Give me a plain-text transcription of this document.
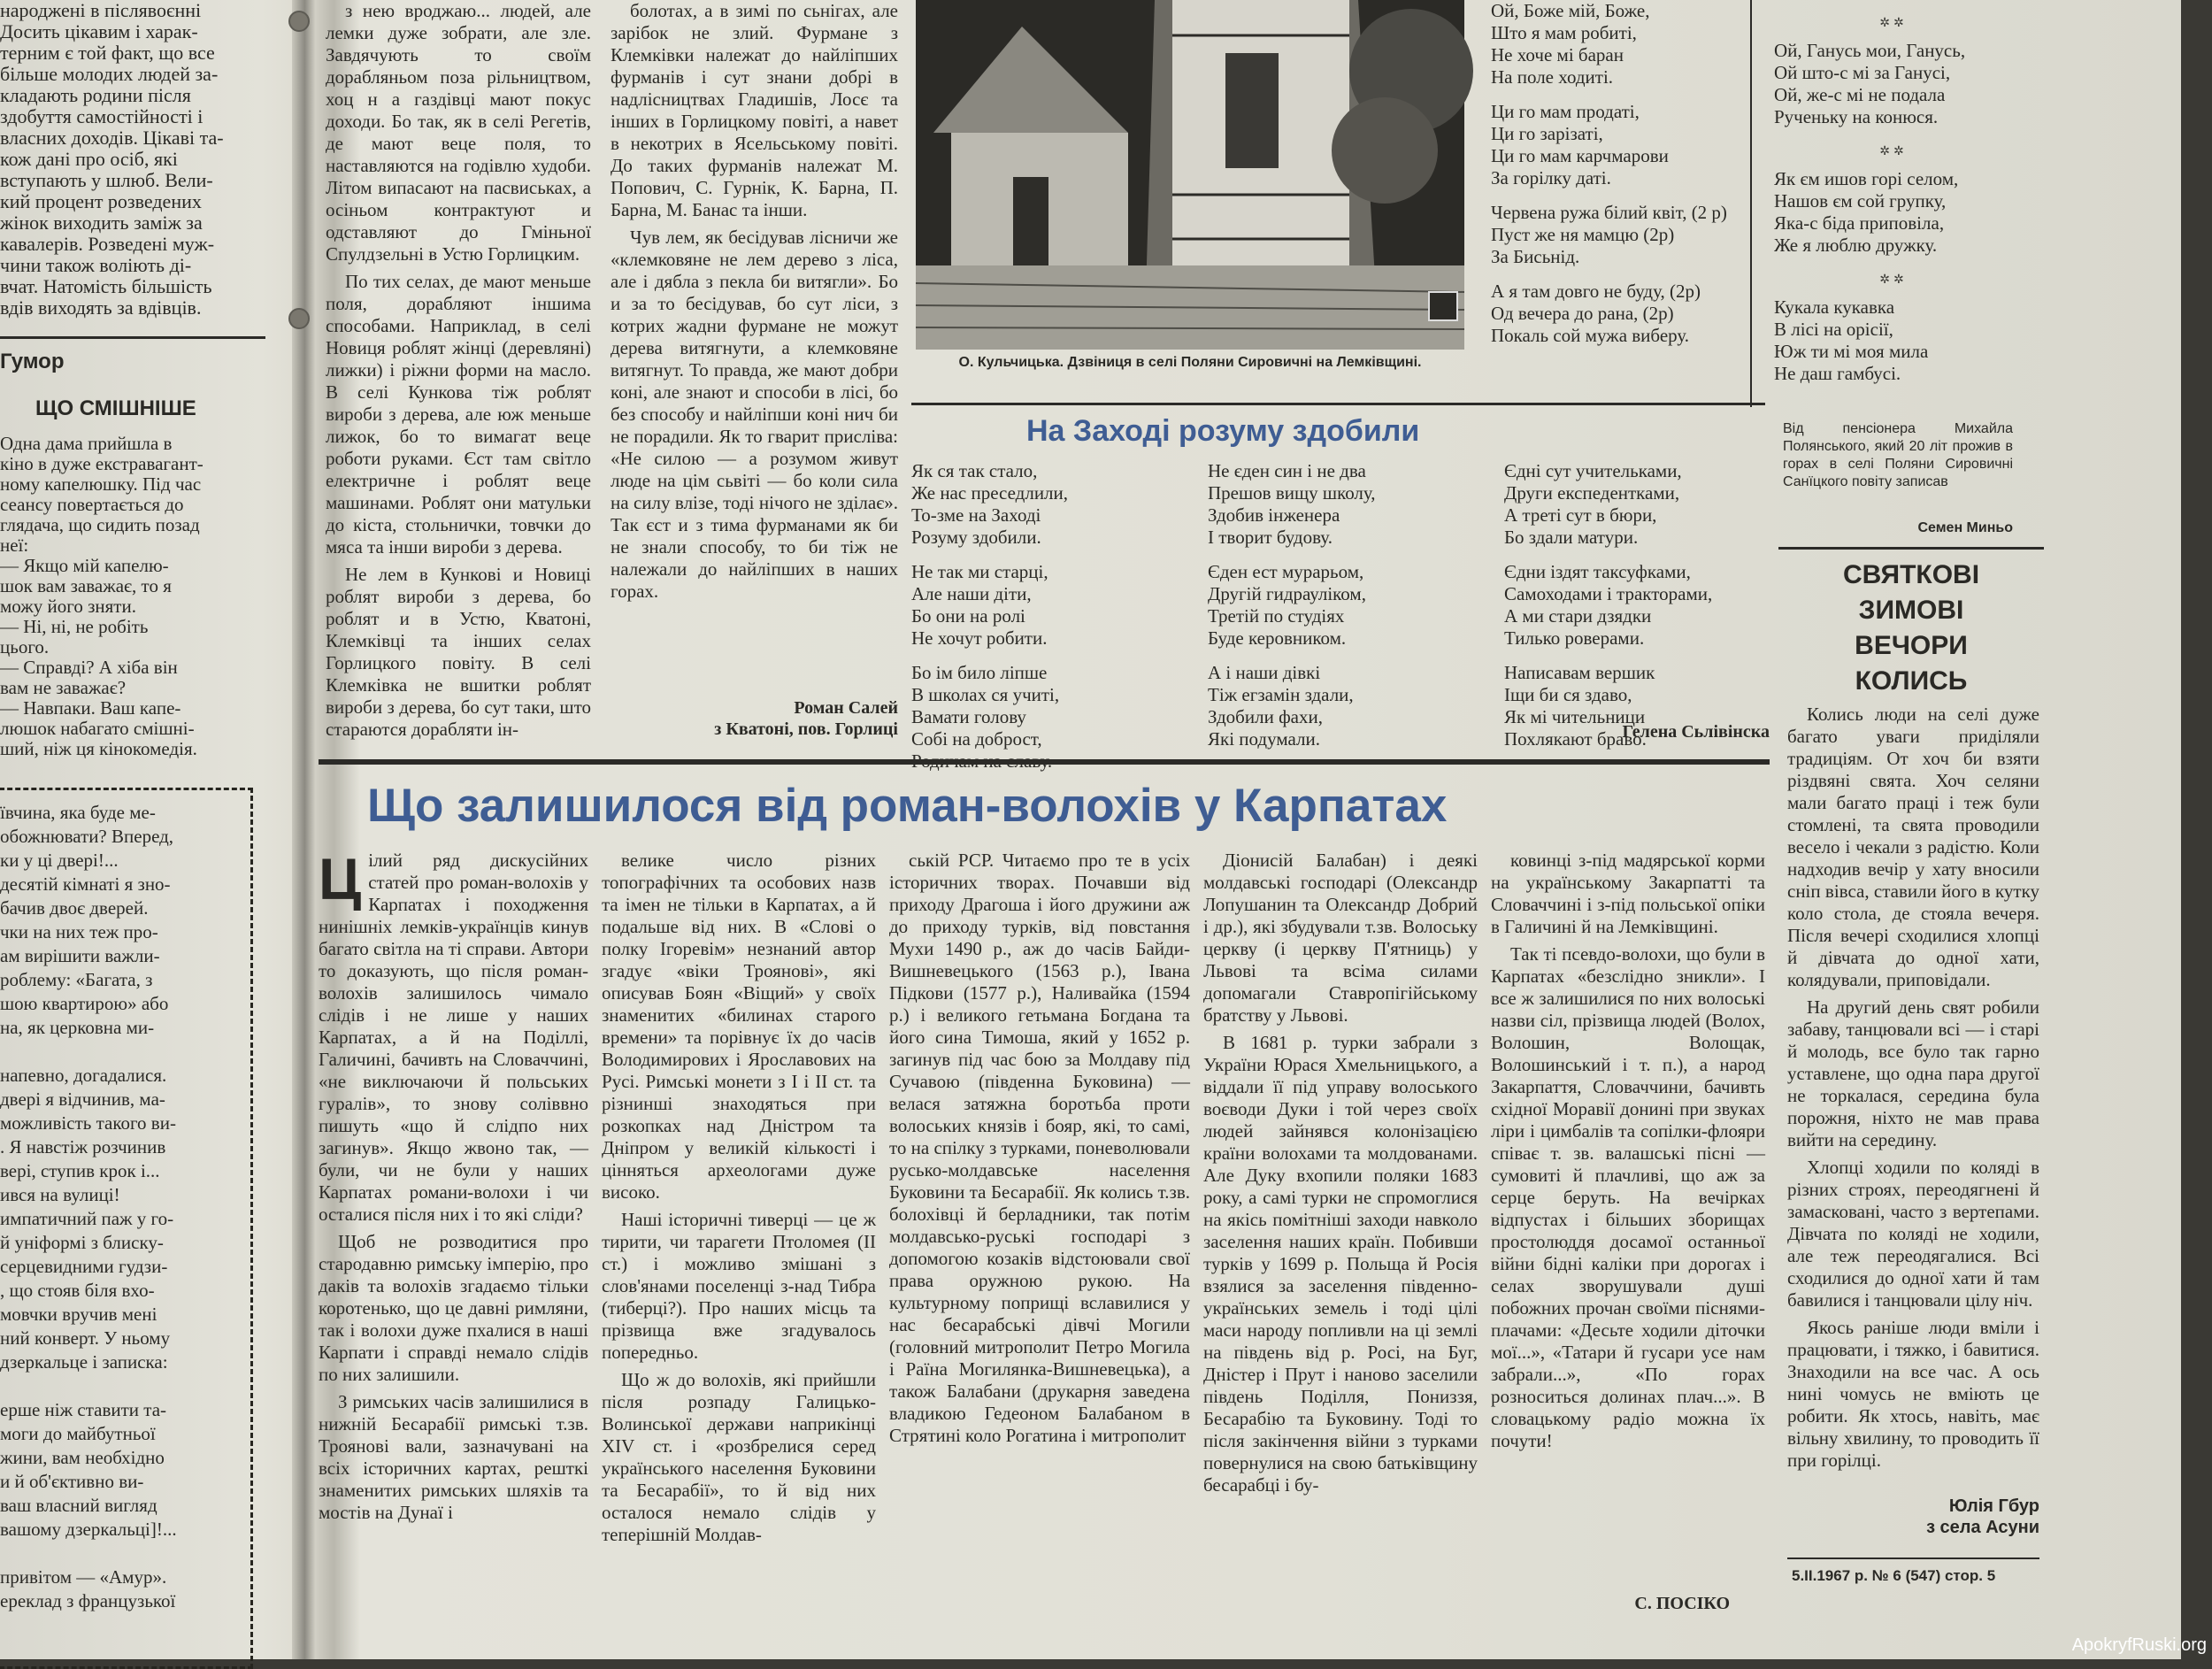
народжені в післявоєнні
Досить цікавим і харак-
терним є той факт, що все
більше молодих людей за-
кладають родини після
здобуття самостійності і
власних доходів. Цікаві та-
кож дані про осіб, які
вступають у шлюб. Вели-
кий процент розведених
жінок виходить заміж за
кавалерів. Розведені муж-
чини також воліють ді-
вчат. Натомість більшість
вдів виходять за вдівців.
Гумор
ЩО СМІШНІШЕ
Одна дама прийшла в
кіно в дуже екстравагант-
ному капелюшку. Під час
сеансу повертається до
глядача, що сидить позад
неї:
— Якщо мій капелю-
шок вам заважає, то я
можу його зняти.
— Ні, ні, не робіть
цього.
— Справді? А хіба він
вам не заважає?
— Навпаки. Ваш капе-
люшок набагато смішні-
ший, ніж ця кінокомедія.
ївчина, яка буде ме-
обожнювати? Вперед,
ки у ці двері!...
десятій кімнаті я зно-
бачив двоє дверей.
чки на них теж про-
ам вирішити важли-
роблему: «Багата, з
шою квартирою» або
на, як церковна ми-

напевно, догадалися.
двері я відчинив, ма-
можливість такого ви-
. Я навстіж розчинив
вері, ступив крок і...
ився на вулиці!
импатичний паж у го-
й уніформі з блиску-
серцевидними гудзи-
, що стояв біля вхо-
мовчки вручив мені
ний конверт. У ньому
дзеркальце і записка:

ерше ніж ставити та-
моги до майбутньої
жини, вам необхідно
и й об'єктивно ви-
ваш власний вигляд
вашому дзеркальці]!...

привітом — «Амур».
ереклад з французької

з нею вроджаю... людей, але лемки дуже зобрати, але зле. Завдячують то своїм дорабляньом поза рільництвом, хоц н а газдівці мают покус доходи. Бо так, як в селі Регетів, де мают веце поля, то наставляются на годівлю худоби. Літом випасают на пасвиськах, а осіньом контрактуют и одставляют до Гміньної Спулдзельні в Устю Горлицким.

По тих селах, де мают меньше поля, дорабляют іншима способами. Наприклад, в селі Новиця роблят жінці (деревляні) лижки) і ріжни форми на масло. В селі Кункова тіж роблят вироби з дерева, але юж меньше лижок, бо то вимагат веце роботи руками. Єст там світло електричне і роблят веце машинами. Роблят они матульки до кіста, стольнички, товчки до мяса та інши вироби з дерева.

Не лем в Кункові и Новиці роблят вироби з дерева, бо роблят и в Устю, Кватоні, Клемківці та інших селах Горлицкого повіту. В селі Клемківка не вшитки роблят вироби з дерева, бо сут таки, што стараются дорабляти ін-

болотах, а в зимі по сьнігах, але зарібок не злий. Фурмане з Клемківки належат до найліпших фурманів і сут знани добрі в надлісництвах Гладишів, Лосє та інших в Горлицкому повіті, а навет в некотрих в Ясельському повіті. До таких фурманів належат М. Попович, С. Гурнік, К. Барна, П. Барна, М. Банас та інши.

Чув лем, як бесідував лісничи же «клемковяне не лем дерево з ліса, але і дябла з пекла би витягли». Бо и за то бесідував, бо сут ліси, з котрих жадни фурмане не можут дерева витягнути, а клемковяне витягнут. То правда, же мают добри коні, але знают и способи в лісі, бо без способу и найліпши коні нич би не порадили. Як то гварит присліва: «Не силою — а розумом живут люде на цім сьвіті — бо коли сила на силу влізе, тоді нічого не зділає». Так єст и з тима фурманами як би не знали способу, то би тіж не належали до найліпших в наших горах.

Роман Салей
з Кватоні, пов. Горлиці
О. Кульчицька. Дзвіниця в селі Поляни Сировичні на Лемківщині.

Ой, Боже мій, Боже,
Што я мам робиті,
Не хоче мі баран
На поле ходиті.

Ци го мам продаті,
Ци го зарізаті,
Ци го мам карчмарови
За горілку даті.

Червена ружа білий квіт, (2 р)
Пуст же ня мамцю (2р)
За Бисьнід.

А я там довго не буду, (2р)
Од вечера до рана, (2р)
Покаль сой мужа виберу.

✲✲

Ой, Ганусь мои, Ганусь,
Ой што-с мі за Ганусі,
Ой, же-с мі не подала
Рученьку на конюся.

✲✲

Як єм ишов горі селом,
Нашов єм сой групку,
Яка-с біда приповіла,
Же я люблю дружку.

✲✲

Кукала кукавка
В лісі на орісії,
Юж ти мі моя мила
Не даш гамбусі.

Від пенсіонера Михайла Полянського, який 20 літ прожив в горах в селі Поляни Сировичні Санїцкого повіту записав
Семен Миньо
На Заході розуму здобили

Як ся так стало,
Же нас преседлили,
То-зме на Заході
Розуму здобили.

Не так ми старці,
Але наши діти,
Бо они на ролі
Не хочут робити.

Бо ім било ліпше
В школах ся учиті,
Вамати голову
Собі на доброст,

Не єден син і не два
Прешов вищу школу,
Здобив інженера
І творит будову.

Єден ест мурарьом,
Другій гидрауліком,
Третій по студіях
Буде керовником.

А і наши дівкі
Тіж егзамін здали,
Здобили фахи,
Які подумали.

Єдні сут учительками,
Други експедентками,
А треті сут в бюри,
Бо здали матури.

Єдни іздят таксуфками,
Самоходами і тракторами,
А ми стари дзядки
Тилько роверами.

Написавам вершик
Іщи би ся здаво,
Як мі чительници
Похлякают браво.

Гелена Сьлівінска
СВЯТКОВІ
ЗИМОВІ
ВЕЧОРИ
КОЛИСЬ

Колись люди на селі дуже багато уваги приділяли традиціям. От хоч би взяти різдвяні свята. Хоч селяни мали багато праці і теж були стомлені, та свята проводили весело і чекали з радістю. Коли надходив вечір у хату вносили сніп вівса, ставили його в кутку коло стола, де стояла вечеря. Після вечері сходилися хлопці й дівчата до одної хати, колядували, приповідали.

На другий день свят робили забаву, танцювали всі — і старі й молодь, все було так гарно уставлене, що одна пара другої не торкалася, середина була порожня, ніхто не мав права вийти на середину.

Хлопці ходили по коляді в різних строях, переодягнені й замасковані, часто з вертепами. Дівчата по коляді не ходили, але теж переодягалися. Всі сходилися до одної хати й там бавилися і танцювали цілу ніч.

Якось раніше люди вміли і працювати, і тяжко, і бавитися. Знаходили на все час. А ось нині чомусь не вміють це робити. Як хтось, навіть, має вільну хвилину, то проводить її при горілці.

Юлія Гбур
з села Асуни
5.II.1967 р. № 6 (547) стор. 5
Що залишилося від роман-волохів у Карпатах

Цілий ряд дискусійних статей про роман-волохів у Карпатах і походження нинішніх лемків-українців кинув багато світла на ті справи. Автори то доказують, що після роман-волохів залишилось чимало слідів і не лише у наших Карпатах, а й на Поділлі, Галичині, бачивть на Словаччині, «не виключаючи й польських гуралів», то знову соліввно пишуть «що й слідпо них загинув». Якщо жвоно так, — були, чи не були у наших Карпатах романи-волохи і чи осталися після них і то які сліди?

Щоб не розводитися про стародавню римську імперію, про даків та волохів згадаємо тільки коротенько, що це давні римляни, так і волохи дуже пхалися в наші Карпати і справді немало слідів по них залишили.

З римських часів залишилися в нижній Бесарабії римські т.зв. Троянові вали, зазначувані на всіх історичних картах, решткі знаменитих римських шляхів та мостів на Дунаї і

велике число різних топографічних та особових назв та імен не тільки в Карпатах, а й подальше від них. В «Слові о полку Ігоревім» незнаний автор згадує «віки Троянові», які описував Боян «Віщий» у своїх знаменитих «билинах старого времени» та порівнує їх до часів Володимирових і Ярославових на Русі. Римські монети з I i II ст. та різнинші знаходяться при розкопках над Дністром та Дніпром у великій кількості і цінняться археологами дуже високо.

Наші історичні тиверці — це ж тирити, чи тарагети Птоломея (II ст.) і можливо змішані з слов'янами поселенці з-над Тибра (тиберці?). Про наших місць та прізвища вже згадувалось попередньо.

Що ж до волохів, які прийшли після розпаду Галицько-Волинської держави наприкінці XIV ст. і «розбрелися серед українського населення Буковини та Бесарабії», то й від них осталося немало слідів у теперішній Молдав-

ській РСР. Читаємо про те в усіх історичних творах. Почавши від приходу Драгоша і його дружини аж до приходу турків, від повстання Мухи 1490 р., аж до часів Байди-Вишневецького (1563 р.), Івана Підкови (1577 р.), Наливайка (1594 р.) і великого гетьмана Богдана та його сина Тимоша, який у 1652 р. загинув під час бою за Молдаву під Сучавою (південна Буковина) — велася затяжна боротьба проти волоських князів і бояр, які, то самі, то на спілку з турками, поневолювали русько-молдавське населення Буковини та Бесарабії. Як колись т.зв. болохівці й берладники, так потім молдавсько-руські господарі з допомогою козаків відстоювали свої права оружною рукою. На культурному поприщі вславилися у нас бесарабські дівчі Могили (головний митрополит Петро Могила і Раїна Могилянка-Вишневецька), а також Балабани (друкарня заведена владикою Гедеоном Балабаном в Стрятині коло Рогатина і митрополит

Діонисій Балабан) і деякі молдавські господарі (Олександр Лопушанин та Олександр Добрий і др.), які збудували т.зв. Волоську церкву (і церкву П'ятниць) у Львові та всіма силами допомагали Ставропігійському братству у Львові.

В 1681 р. турки забрали з України Юрася Хмельницького, а віддали її під управу волоського воєводи Дуки і той через своїх людей зайнявся колонізацією країни волохами та молдованами. Але Дуку вхопили поляки 1683 року, а самі турки не спромоглися на якісь помітніші заходи навколо заселення наших країн. Побивши турків у 1699 р. Польща й Росія взялися за заселення південно-українських земель і тоді цілі маси народу попливли на ці землі на південь від р. Росі, на Буг, Дністер і Прут і наново заселили південь Поділля, Пониззя, Бесарабію та Буковину. Тоді то після закінчення війни з турками повернулися на свою батьківщину бесарабці і бу-

ковинці з-під мадярської корми на українському Закарпатті та Словаччині і з-під польської опіки в Галичині й на Лемківщині.

Так ті псевдо-волохи, що були в Карпатах «безслідно зникли». І все ж залишилися по них волоські назви сіл, прізвища людей (Волох, Волошин, Волощак, Волошинський і т. п.), а народ Закарпаття, Словаччини, бачивть східної Моравії донині при звуках ліри і цимбалів та сопілки-флояри співає т. зв. валашські пісні — сумовиті й плачливі, що аж за серце беруть. На вечірках відпустах і більших зборищах простолюддя досамої останньої війни бідні каліки при дорогах і селах зворушували душі побожних прочан своїми піснями-плачами: «Десьте ходили діточки мої...», «Татари й гусари усе нам забрали...», «По горах розноситься долинах плач...». В словацькому радіо можна їх почути!

С. ПОСІКО
ApokryfRuski.org
